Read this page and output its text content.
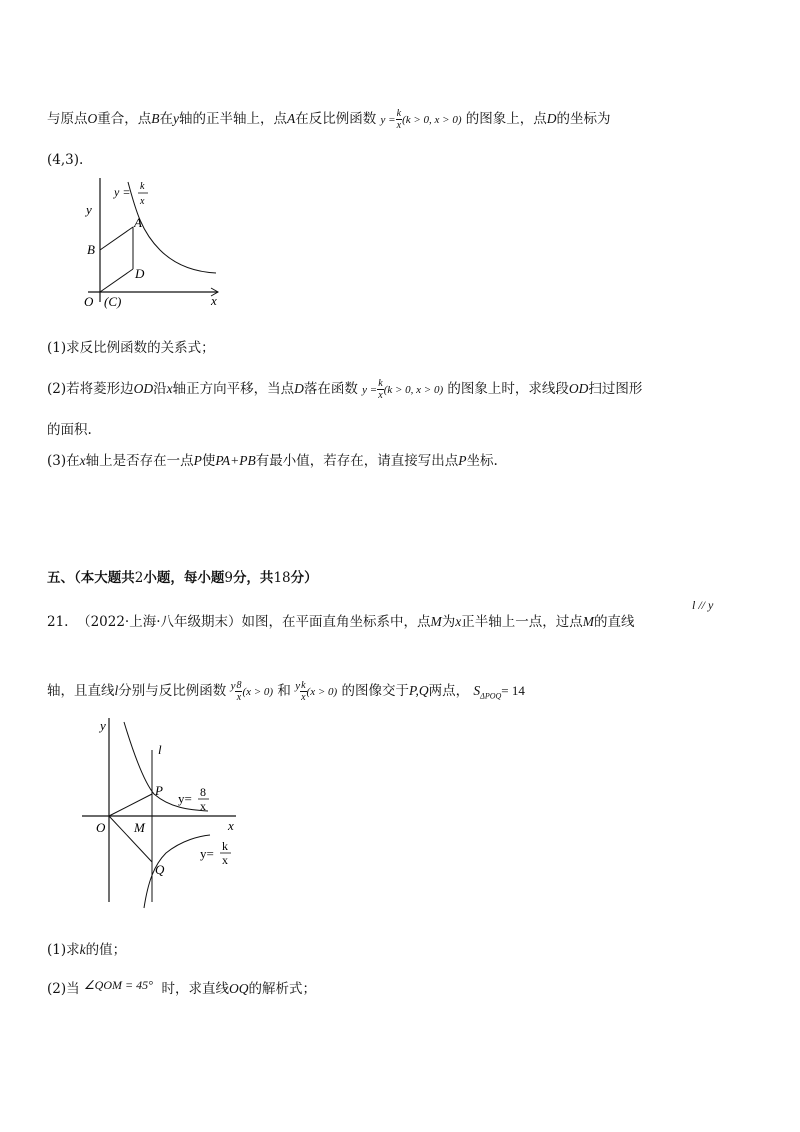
与原点O重合，点B在y轴的正半轴上，点A在反比例函数 $y = \frac{k}{x} (k > 0$, x > 0) 的图象上，点D的坐标为
(4,3).
y
y = k
x
A
B
D
O (C)	x
(1)求反比例函数的关系式；
(2)若将菱形边OD沿x轴正方向平移，当点D落在函数 $y = \frac{k}{x} (k > 0$, x > 0) 的图象上时，求线段OD扫过图形
的面积.
(3)在x轴上是否存在一点P使PA+PB有最小值，若存在，请直接写出点P坐标.
五、（本大题共2小题，每小题9分，共18分）
21. （2022·上海·八年级期末）如图，在平面直角坐标系中，点M为x正半轴上一点，过点M的直线
l // y
轴，且直线l分别与反比例函数 $^y \frac{8}{x} (x > 0)$ 和 $^y \frac{k}{x} (x > 0)$ 的图像交于P,Q两点， $S_{\Delta POQ}= 14$
y
l
P
y= 8
x
O M	x
y= k
x
Q
(1)求k的值；
(2)当 ∠QOM = 45° 时，求直线OQ的解析式；
